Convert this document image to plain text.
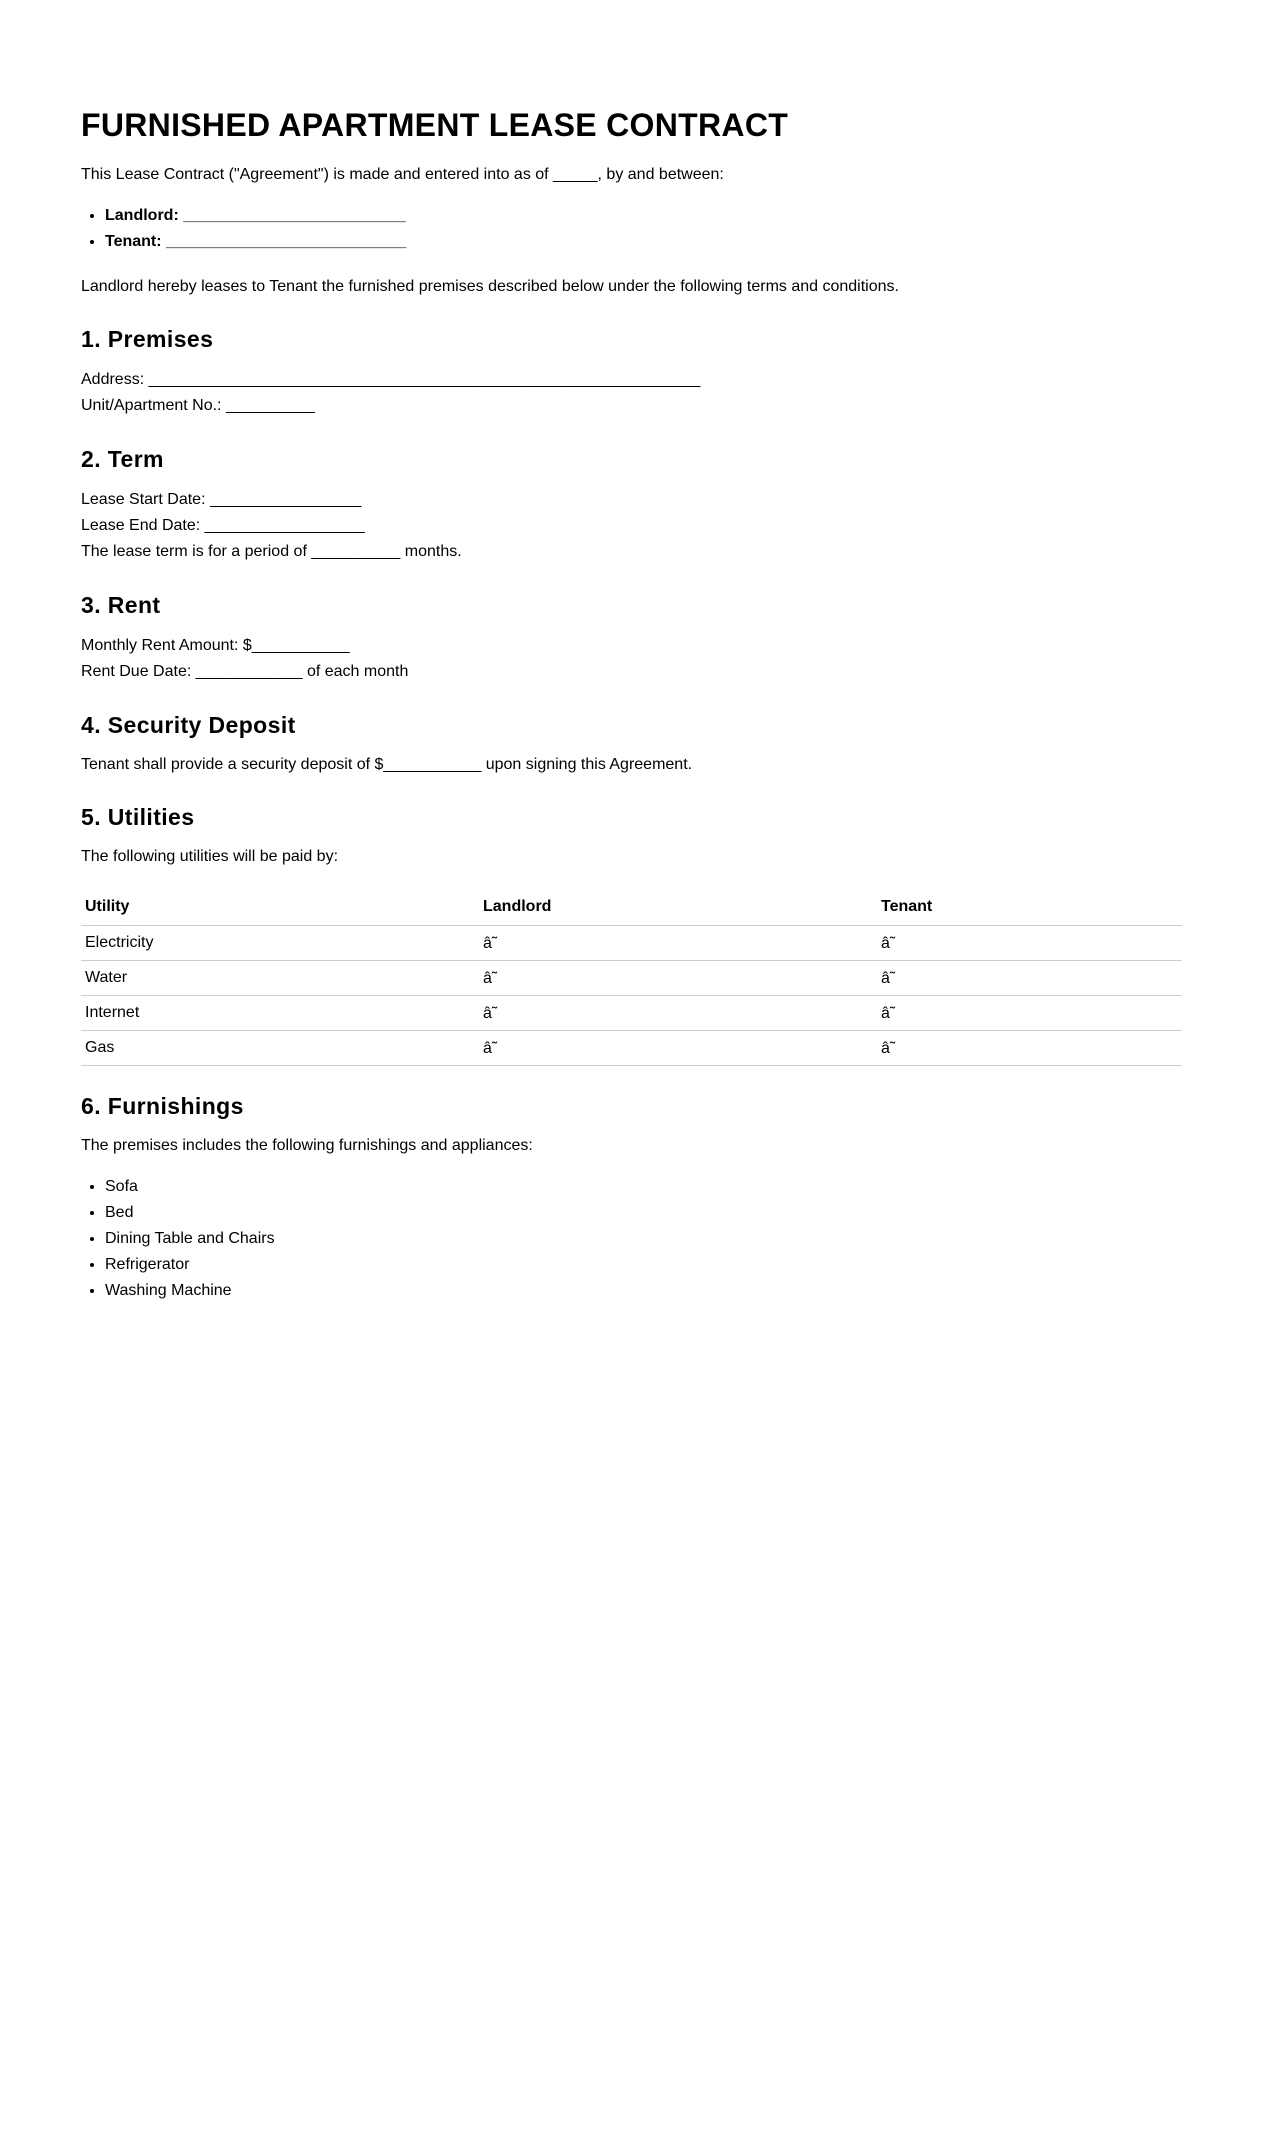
FURNISHED APARTMENT LEASE CONTRACT

This Lease Contract ("Agreement") is made and entered into as of _____, by and between:

• Landlord: _________________________
• Tenant: ___________________________

Landlord hereby leases to Tenant the furnished premises described below under the following terms and conditions.

1. Premises
Address: ______________________________________________________________
Unit/Apartment No.: __________
2. Term
Lease Start Date: _________________
Lease End Date: __________________
The lease term is for a period of __________ months.
3. Rent
Monthly Rent Amount: $___________
Rent Due Date: ____________ of each month
4. Security Deposit

Tenant shall provide a security deposit of $___________ upon signing this Agreement.

5. Utilities

The following utilities will be paid by:

Utility	Landlord	Tenant
Electricity	â˜	â˜
Water	â˜	â˜
Internet	â˜	â˜
Gas	â˜	â˜
6. Furnishings

The premises includes the following furnishings and appliances:

• Sofa
• Bed
• Dining Table and Chairs
• Refrigerator
• Washing Machine
